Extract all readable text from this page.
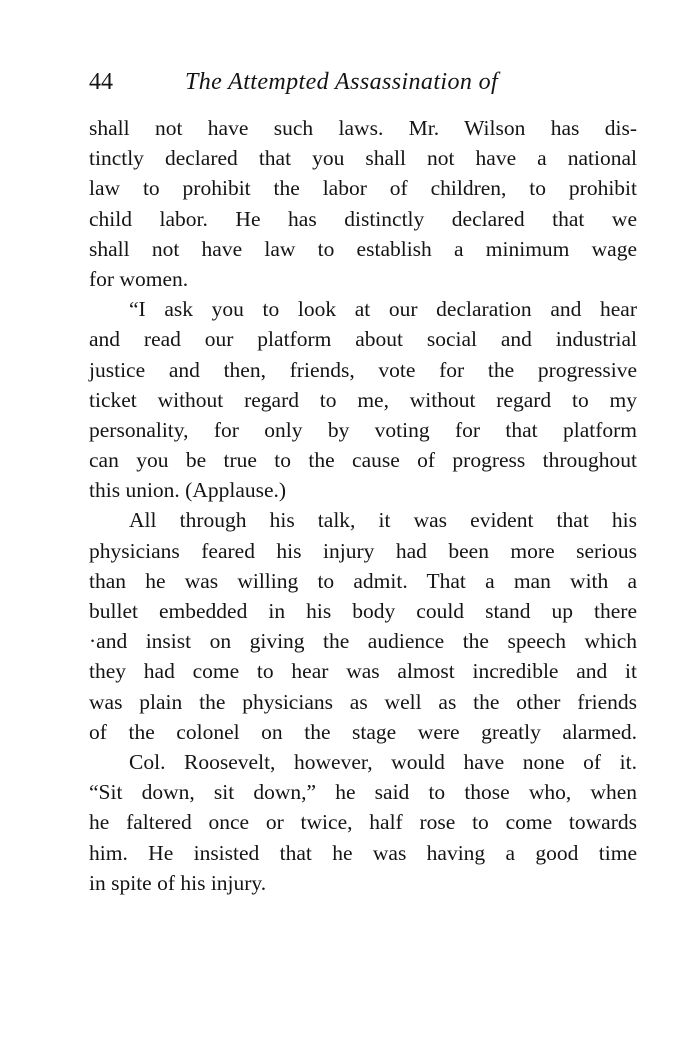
44	The Attempted Assassination of
shall not have such laws. Mr. Wilson has dis-
tinctly declared that you shall not have a national
law to prohibit the labor of children, to prohibit
child labor. He has distinctly declared that we
shall not have law to establish a minimum wage
for women.
“I ask you to look at our declaration and hear
and read our platform about social and industrial
justice and then, friends, vote for the progressive
ticket without regard to me, without regard to my
personality, for only by voting for that platform
can you be true to the cause of progress throughout
this union. (Applause.)
All through his talk, it was evident that his
physicians feared his injury had been more serious
than he was willing to admit. That a man with a
bullet embedded in his body could stand up there
·and insist on giving the audience the speech which
they had come to hear was almost incredible and it
was plain the physicians as well as the other friends
of the colonel on the stage were greatly alarmed.
Col. Roosevelt, however, would have none of it.
“Sit down, sit down,” he said to those who, when
he faltered once or twice, half rose to come towards
him. He insisted that he was having a good time
in spite of his injury.
